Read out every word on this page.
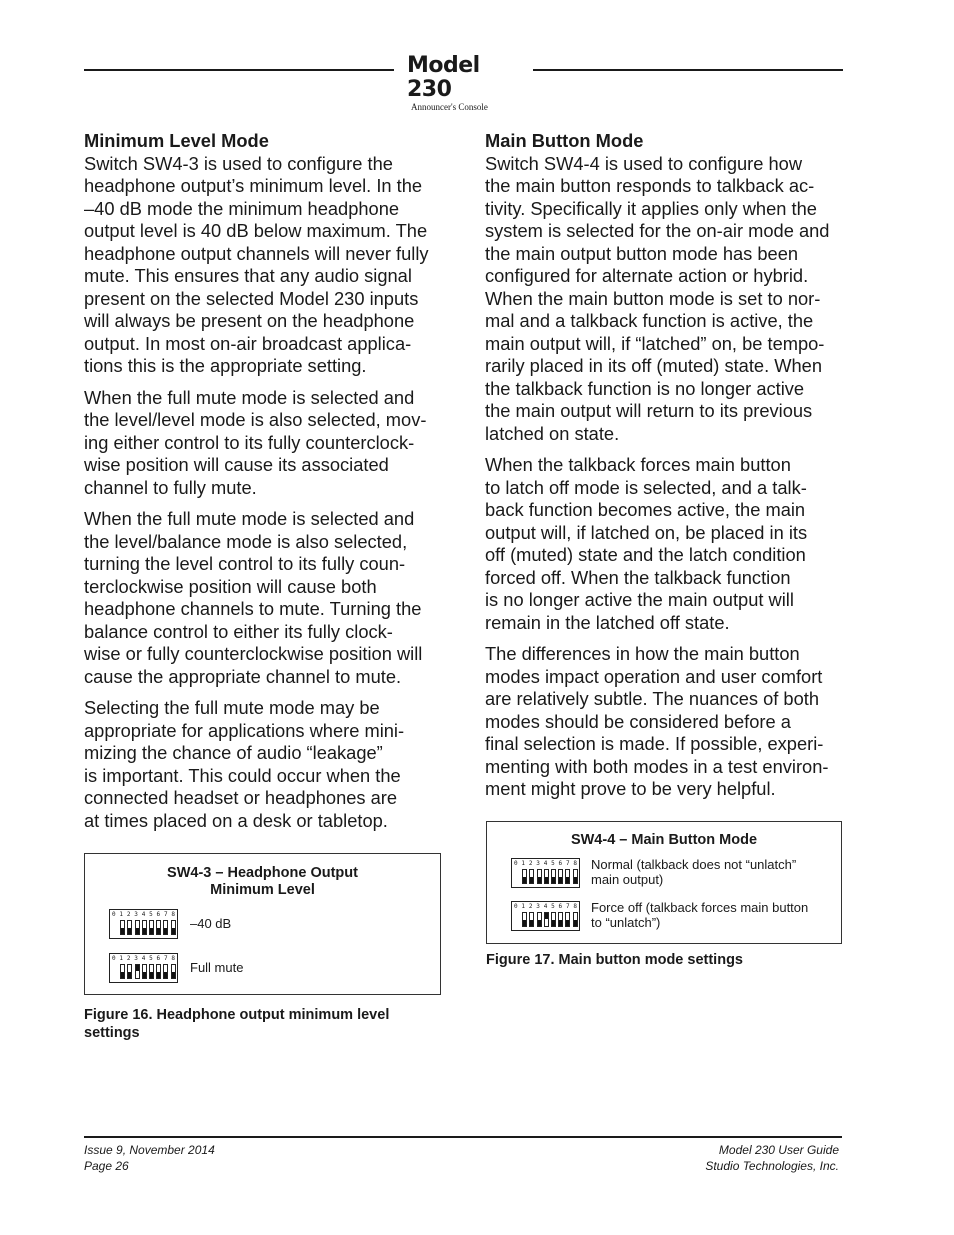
Model 230
Announcer's Console
Minimum Level Mode

Switch SW4-3 is used to configure the
headphone output’s minimum level. In the
–40 dB mode the minimum headphone
output level is 40 dB below maximum. The
headphone output channels will never fully
mute. This ensures that any audio signal
present on the selected Model 230 inputs
will always be present on the headphone
output. In most on-air broadcast applica-
tions this is the appropriate setting.

When the full mute mode is selected and
the level/level mode is also selected, mov-
ing either control to its fully counterclock-
wise position will cause its associated
channel to fully mute.

When the full mute mode is selected and
the level/balance mode is also selected,
turning the level control to its fully coun-
terclockwise position will cause both
headphone channels to mute. Turning the
balance control to either its fully clock-
wise or fully counterclockwise position will
cause the appropriate channel to mute.

Selecting the full mute mode may be
appropriate for applications where mini-
mizing the chance of audio “leakage”
is important. This could occur when the
connected headset or headphones are
at times placed on a desk or tabletop.

Main Button Mode

Switch SW4-4 is used to configure how
the main button responds to talkback ac-
tivity. Specifically it applies only when the
system is selected for the on-air mode and
the main output button mode has been
configured for alternate action or hybrid.
When the main button mode is set to nor-
mal and a talkback function is active, the
main output will, if “latched” on, be tempo-
rarily placed in its off (muted) state. When
the talkback function is no longer active
the main output will return to its previous
latched on state.

When the talkback forces main button
to latch off mode is selected, and a talk-
back function becomes active, the main
output will, if latched on, be placed in its
off (muted) state and the latch condition
forced off. When the talkback function
is no longer active the main output will
remain in the latched off state.

The differences in how the main button
modes impact operation and user comfort
are relatively subtle. The nuances of both
modes should be considered before a
final selection is made. If possible, experi-
menting with both modes in a test environ-
ment might prove to be very helpful.

SW4-3 – Headphone Output
Minimum Level
0 1 2 3 4 5 6 7 8
–40 dB
0 1 2 3 4 5 6 7 8
Full mute
Figure 16. Headphone output minimum level
settings
SW4-4 – Main Button Mode
0 1 2 3 4 5 6 7 8 Normal (talkback does not “unlatch”
main output)
0 1 2 3 4 5 6 7 8 Force off (talkback forces main button
to “unlatch”)
Figure 17. Main button mode settings
Issue 9, November 2014
Page 26
Model 230 User Guide
Studio Technologies, Inc.
